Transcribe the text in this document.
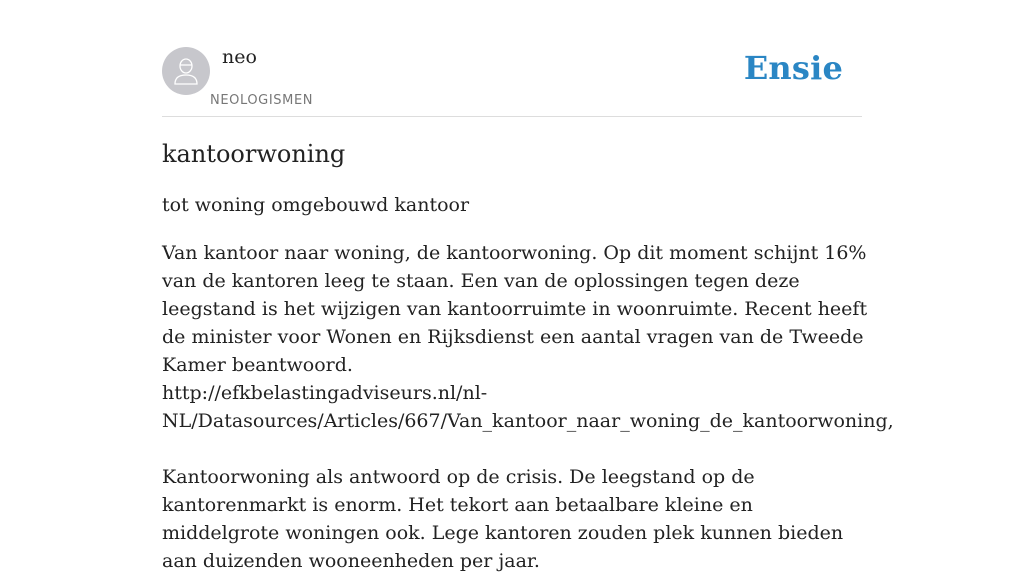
neo
NEOLOGISMEN
Ensie
kantoorwoning
tot woning omgebouwd kantoor

Van kantoor naar woning, de kantoorwoning. Op dit moment schijnt 16% van de kantoren leeg te staan. Een van de oplossingen tegen deze leegstand is het wijzigen van kantoorruimte in woonruimte. Recent heeft de minister voor Wonen en Rijksdienst een aantal vragen van de Tweede Kamer beantwoord.
http://efkbelastingadviseurs.nl/nl-NL/Datasources/Articles/667/Van_kantoor_naar_woning_de_kantoorwoning,

Kantoorwoning als antwoord op de crisis. De leegstand op de kantorenmarkt is enorm. Het tekort aan betaalbare kleine en middelgrote woningen ook. Lege kantoren zouden plek kunnen bieden aan duizenden wooneenheden per jaar.
